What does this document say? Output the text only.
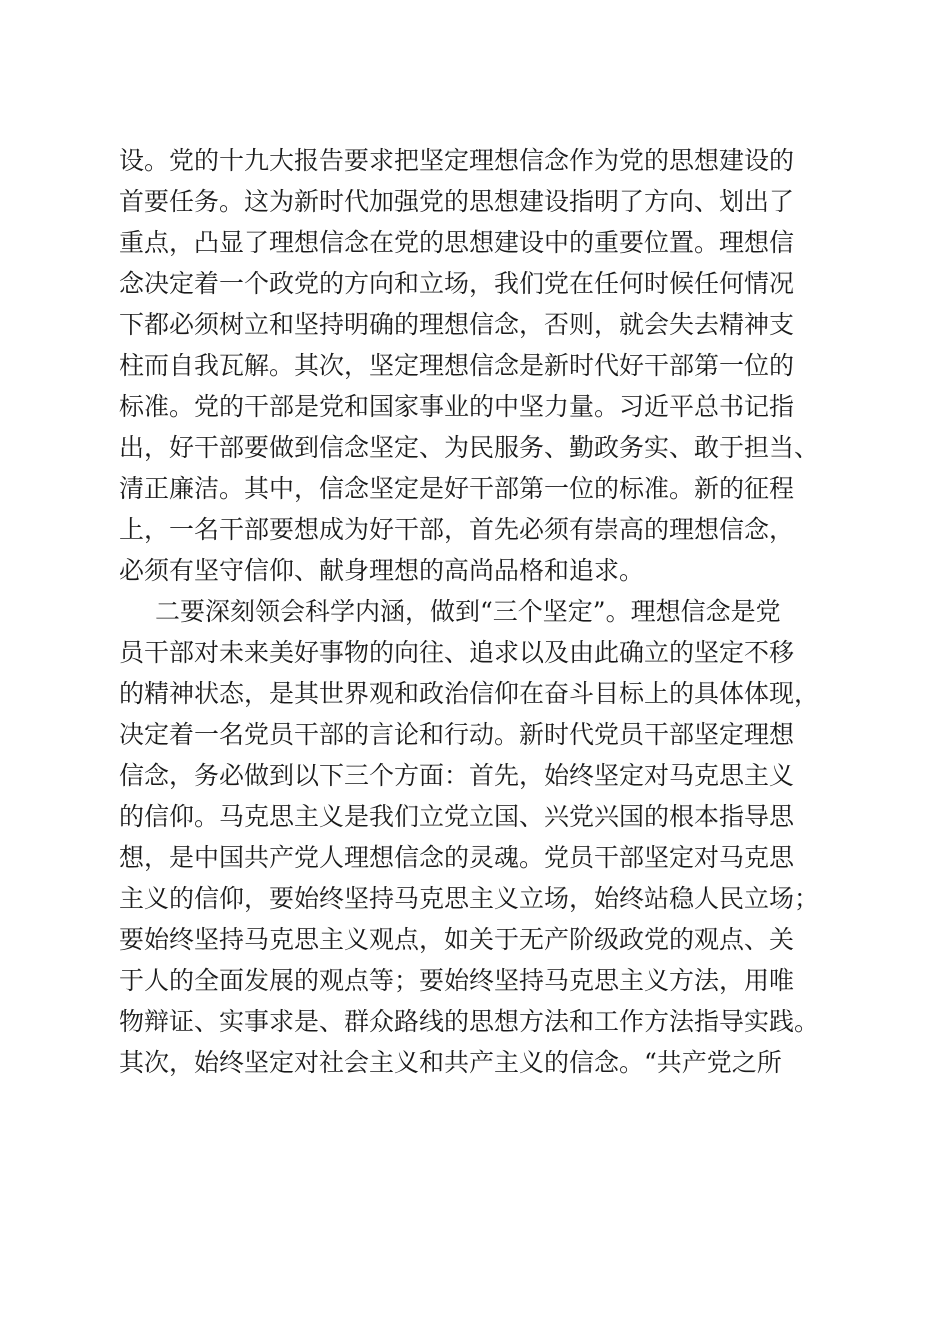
设。党的十九大报告要求把坚定理想信念作为党的思想建设的
首要任务。这为新时代加强党的思想建设指明了方向、划出了
重点，凸显了理想信念在党的思想建设中的重要位置。理想信
念决定着一个政党的方向和立场，我们党在任何时候任何情况
下都必须树立和坚持明确的理想信念，否则，就会失去精神支
柱而自我瓦解。其次，坚定理想信念是新时代好干部第一位的
标准。党的干部是党和国家事业的中坚力量。习近平总书记指
出，好干部要做到信念坚定、为民服务、勤政务实、敢于担当、
清正廉洁。其中，信念坚定是好干部第一位的标准。新的征程
上，一名干部要想成为好干部，首先必须有崇高的理想信念，
必须有坚守信仰、献身理想的高尚品格和追求。
二要深刻领会科学内涵，做到“三个坚定”。理想信念是党
员干部对未来美好事物的向往、追求以及由此确立的坚定不移
的精神状态，是其世界观和政治信仰在奋斗目标上的具体体现，
决定着一名党员干部的言论和行动。新时代党员干部坚定理想
信念，务必做到以下三个方面：首先，始终坚定对马克思主义
的信仰。马克思主义是我们立党立国、兴党兴国的根本指导思
想，是中国共产党人理想信念的灵魂。党员干部坚定对马克思
主义的信仰，要始终坚持马克思主义立场，始终站稳人民立场；
要始终坚持马克思主义观点，如关于无产阶级政党的观点、关
于人的全面发展的观点等；要始终坚持马克思主义方法，用唯
物辩证、实事求是、群众路线的思想方法和工作方法指导实践。
其次，始终坚定对社会主义和共产主义的信念。“共产党之所
